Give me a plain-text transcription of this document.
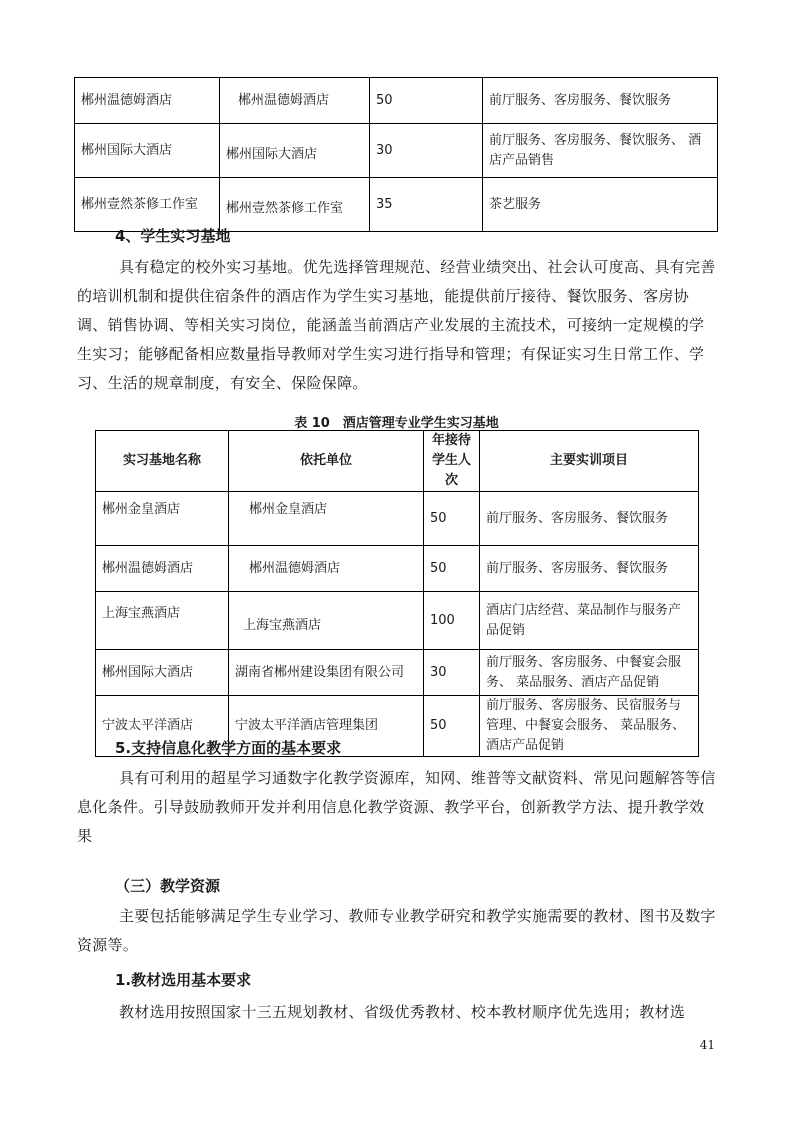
郴州温德姆酒店	郴州温德姆酒店	50	前厅服务、客房服务、餐饮服务
郴州国际大酒店	郴州国际大酒店	30	前厅服务、客房服务、餐饮服务、 酒店产品销售
郴州壹然茶修工作室	郴州壹然茶修工作室	35	茶艺服务
4、学生实习基地
具有稳定的校外实习基地。优先选择管理规范、经营业绩突出、社会认可度高、具有完善的培训机制和提供住宿条件的酒店作为学生实习基地，能提供前厅接待、餐饮服务、客房协调、销售协调、等相关实习岗位，能涵盖当前酒店产业发展的主流技术，可接纳一定规模的学生实习；能够配备相应数量指导教师对学生实习进行指导和管理；有保证实习生日常工作、学习、生活的规章制度，有安全、保险保障。
表 10　酒店管理专业学生实习基地
实习基地名称	依托单位	年接待学生人次	主要实训项目
郴州金皇酒店	郴州金皇酒店	50	前厅服务、客房服务、餐饮服务
郴州温德姆酒店	郴州温德姆酒店	50	前厅服务、客房服务、餐饮服务
上海宝燕酒店	上海宝燕酒店	100	酒店门店经营、菜品制作与服务产品促销
郴州国际大酒店	湖南省郴州建设集团有限公司	30	前厅服务、客房服务、中餐宴会服务、 菜品服务、酒店产品促销
宁波太平洋酒店	宁波太平洋酒店管理集团	50	前厅服务、客房服务、民宿服务与管理、中餐宴会服务、 菜品服务、酒店产品促销
5.支持信息化教学方面的基本要求
具有可利用的超星学习通数字化教学资源库，知网、维普等文献资料、常见问题解答等信息化条件。引导鼓励教师开发并利用信息化教学资源、教学平台，创新教学方法、提升教学效果
（三）教学资源
主要包括能够满足学生专业学习、教师专业教学研究和教学实施需要的教材、图书及数字资源等。
1.教材选用基本要求
教材选用按照国家十三五规划教材、省级优秀教材、校本教材顺序优先选用；教材选
41
